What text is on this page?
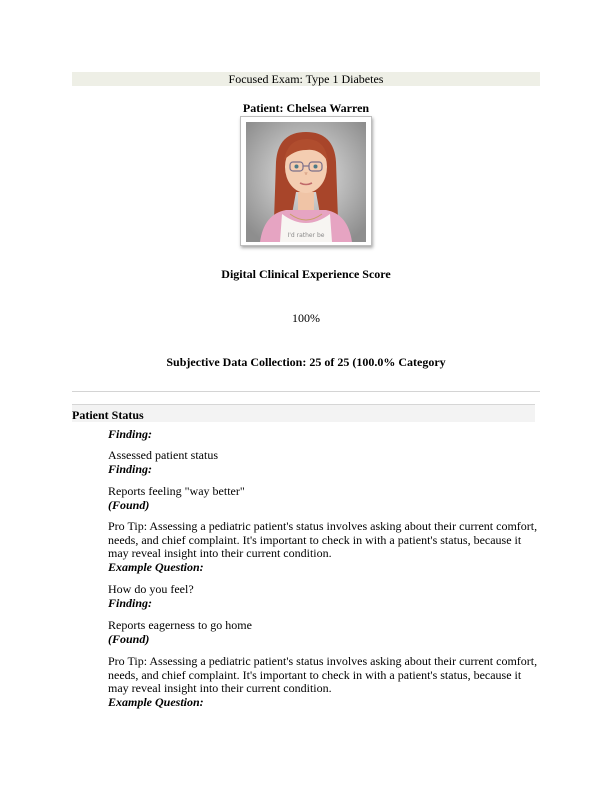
Focused Exam: Type 1 Diabetes
Patient: Chelsea Warren
I'd rather be
Digital Clinical Experience Score
100%
Subjective Data Collection: 25 of 25 (100.0% Category
Patient Status
Finding:
Assessed patient status
Finding:
Reports feeling "way better"
(Found)
Pro Tip: Assessing a pediatric patient's status involves asking about their current comfort, needs, and chief complaint. It's important to check in with a patient's status, because it may reveal insight into their current condition.
Example Question:
How do you feel?
Finding:
Reports eagerness to go home
(Found)
Pro Tip: Assessing a pediatric patient's status involves asking about their current comfort, needs, and chief complaint. It's important to check in with a patient's status, because it may reveal insight into their current condition.
Example Question:
